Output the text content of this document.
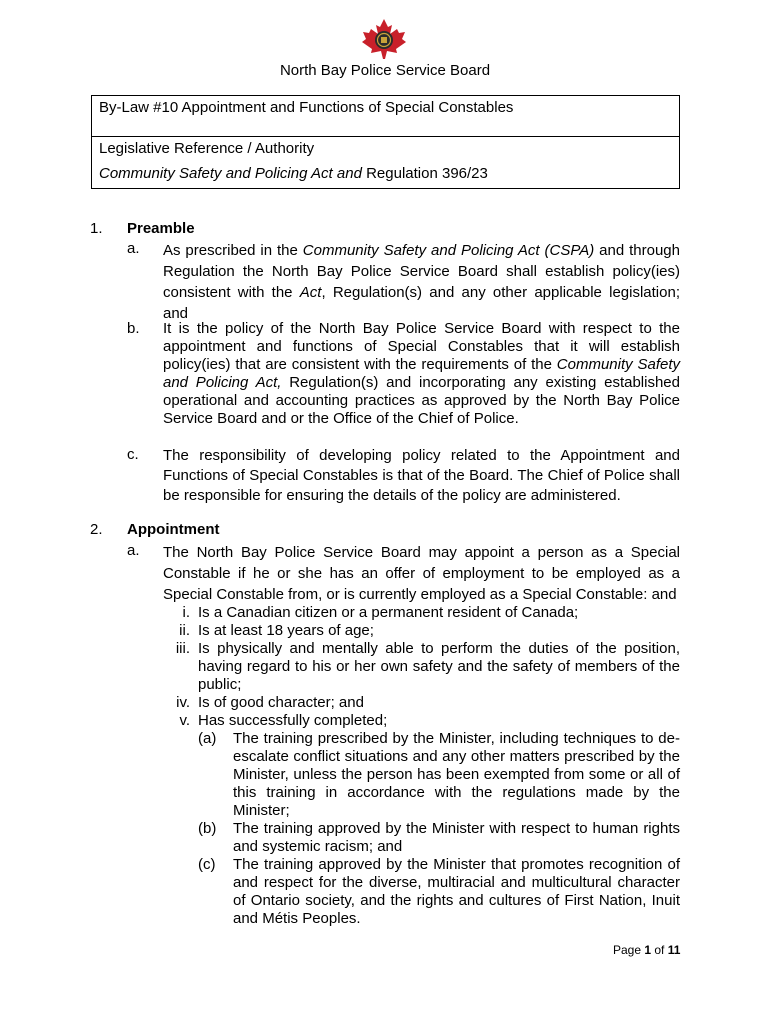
North Bay Police Service Board
By-Law #10 Appointment and Functions of Special Constables
Legislative Reference / Authority
Community Safety and Policing Act and Regulation 396/23
1. Preamble
a. As prescribed in the Community Safety and Policing Act (CSPA) and through Regulation the North Bay Police Service Board shall establish policy(ies) consistent with the Act, Regulation(s) and any other applicable legislation; and
b. It is the policy of the North Bay Police Service Board with respect to the appointment and functions of Special Constables that it will establish policy(ies) that are consistent with the requirements of the Community Safety and Policing Act, Regulation(s) and incorporating any existing established operational and accounting practices as approved by the North Bay Police Service Board and or the Office of the Chief of Police.
c. The responsibility of developing policy related to the Appointment and Functions of Special Constables is that of the Board. The Chief of Police shall be responsible for ensuring the details of the policy are administered.
2. Appointment
a. The North Bay Police Service Board may appoint a person as a Special Constable if he or she has an offer of employment to be employed as a Special Constable from, or is currently employed as a Special Constable: and
i. Is a Canadian citizen or a permanent resident of Canada;
ii. Is at least 18 years of age;
iii. Is physically and mentally able to perform the duties of the position, having regard to his or her own safety and the safety of members of the public;
iv. Is of good character; and
v. Has successfully completed;
(a) The training prescribed by the Minister, including techniques to de-escalate conflict situations and any other matters prescribed by the Minister, unless the person has been exempted from some or all of this training in accordance with the regulations made by the Minister;
(b) The training approved by the Minister with respect to human rights and systemic racism; and
(c) The training approved by the Minister that promotes recognition of and respect for the diverse, multiracial and multicultural character of Ontario society, and the rights and cultures of First Nation, Inuit and Métis Peoples.
Page 1 of 11
